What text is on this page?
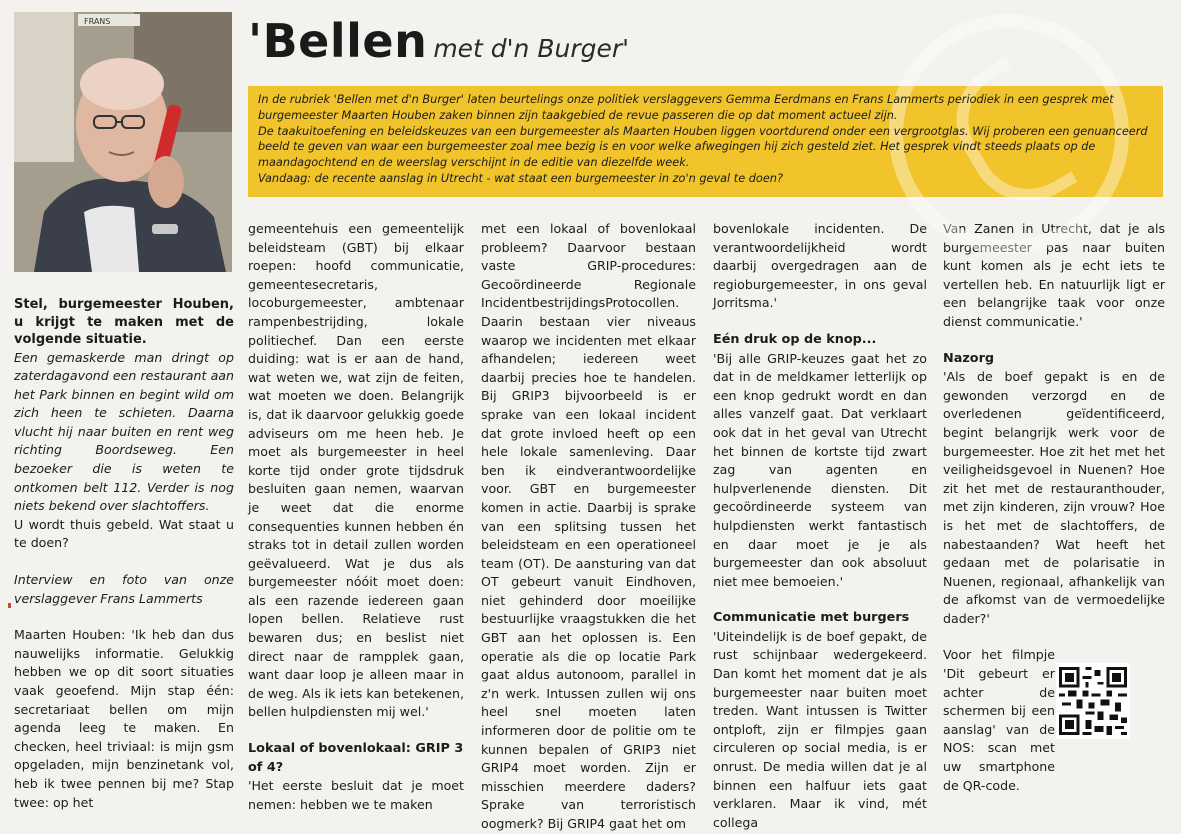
FRANS	'Bellen met d'n Burger'

In de rubriek 'Bellen met d'n Burger' laten beurtelings onze politiek verslaggevers Gemma Eerdmans en Frans Lammerts periodiek in een gesprek met burgemeester Maarten Houben zaken binnen zijn taakgebied de revue passeren die op dat moment actueel zijn.

De taakuitoefening en beleidskeuzes van een burgemeester als Maarten Houben liggen voortdurend onder een vergrootglas. Wij proberen een genuanceerd beeld te geven van waar een burgemeester zoal mee bezig is en voor welke afwegingen hij zich gesteld ziet. Het gesprek vindt steeds plaats op de maandagochtend en de weerslag verschijnt in de editie van diezelfde week.

Vandaag: de recente aanslag in Utrecht - wat staat een burgemeester in zo'n geval te doen?

Stel, burgemeester Houben, u krijgt te maken met de volgende situatie.

Een gemaskerde man dringt op zaterdagavond een restaurant aan het Park binnen en begint wild om zich heen te schieten. Daarna vlucht hij naar buiten en rent weg richting Boordseweg. Een bezoeker die is weten te ontkomen belt 112. Verder is nog niets bekend over slachtoffers.

U wordt thuis gebeld. Wat staat u te doen?

Interview en foto van onze verslaggever Frans Lammerts

Maarten Houben: 'Ik heb dan dus nauwelijks informatie. Gelukkig hebben we op dit soort situaties vaak geoefend. Mijn stap één: secretariaat bellen om mijn agenda leeg te maken. En checken, heel triviaal: is mijn gsm opgeladen, mijn benzinetank vol, heb ik twee pennen bij me? Stap twee: op het

gemeentehuis een gemeentelijk beleidsteam (GBT) bij elkaar roepen: hoofd communicatie, gemeentesecretaris, locoburgemeester, ambtenaar rampenbestrijding, lokale politiechef. Dan een eerste duiding: wat is er aan de hand, wat weten we, wat zijn de feiten, wat moeten we doen. Belangrijk is, dat ik daarvoor gelukkig goede adviseurs om me heen heb. Je moet als burgemeester in heel korte tijd onder grote tijdsdruk besluiten gaan nemen, waarvan je weet dat die enorme consequenties kunnen hebben én straks tot in detail zullen worden geëvalueerd. Wat je dus als burgemeester nóóit moet doen: als een razende iedereen gaan lopen bellen. Relatieve rust bewaren dus; en beslist niet direct naar de rampplek gaan, want daar loop je alleen maar in de weg. Als ik iets kan betekenen, bellen hulpdiensten mij wel.'

Lokaal of bovenlokaal: GRIP 3 of 4?

'Het eerste besluit dat je moet nemen: hebben we te maken

met een lokaal of bovenlokaal probleem? Daarvoor bestaan vaste GRIP-procedures: Gecoördineerde Regionale IncidentbestrijdingsProtocollen. Daarin bestaan vier niveaus waarop we incidenten met elkaar afhandelen; iedereen weet daarbij precies hoe te handelen. Bij GRIP3 bijvoorbeeld is er sprake van een lokaal incident dat grote invloed heeft op een hele lokale samenleving. Daar ben ik eindverantwoordelijke voor. GBT en burgemeester komen in actie. Daarbij is sprake van een splitsing tussen het beleidsteam en een operationeel team (OT). De aansturing van dat OT gebeurt vanuit Eindhoven, niet gehinderd door moeilijke bestuurlijke vraagstukken die het GBT aan het oplossen is. Een operatie als die op locatie Park gaat aldus autonoom, parallel in z'n werk. Intussen zullen wij ons heel snel moeten laten informeren door de politie om te kunnen bepalen of GRIP3 niet GRIP4 moet worden. Zijn er misschien meerdere daders? Sprake van terroristisch oogmerk? Bij GRIP4 gaat het om

bovenlokale incidenten. De verantwoordelijkheid wordt daarbij overgedragen aan de regioburgemeester, in ons geval Jorritsma.'

Eén druk op de knop...

'Bij alle GRIP-keuzes gaat het zo dat in de meldkamer letterlijk op een knop gedrukt wordt en dan alles vanzelf gaat. Dat verklaart ook dat in het geval van Utrecht het binnen de kortste tijd zwart zag van agenten en hulpverlenende diensten. Dit gecoördineerde systeem van hulpdiensten werkt fantastisch en daar moet je je als burgemeester dan ook absoluut niet mee bemoeien.'

Communicatie met burgers

'Uiteindelijk is de boef gepakt, de rust schijnbaar wedergekeerd. Dan komt het moment dat je als burgemeester naar buiten moet treden. Want intussen is Twitter ontploft, zijn er filmpjes gaan circuleren op social media, is er onrust. De media willen dat je al binnen een halfuur iets gaat verklaren. Maar ik vind, mét collega

Van Zanen in Utrecht, dat je als burgemeester pas naar buiten kunt komen als je echt iets te vertellen heb. En natuurlijk ligt er een belangrijke taak voor onze dienst communicatie.'

Nazorg

'Als de boef gepakt is en de gewonden verzorgd en de overledenen geïdentificeerd, begint belangrijk werk voor de burgemeester. Hoe zit het met het veiligheidsgevoel in Nuenen? Hoe zit het met de restauranthouder, met zijn kinderen, zijn vrouw? Hoe is het met de slachtoffers, de nabestaanden? Wat heeft het gedaan met de polarisatie in Nuenen, regionaal, afhankelijk van de afkomst van de vermoedelijke dader?'

Voor het filmpje 'Dit gebeurt er achter de schermen bij een aanslag' van de NOS: scan met uw smartphone de QR-code.
